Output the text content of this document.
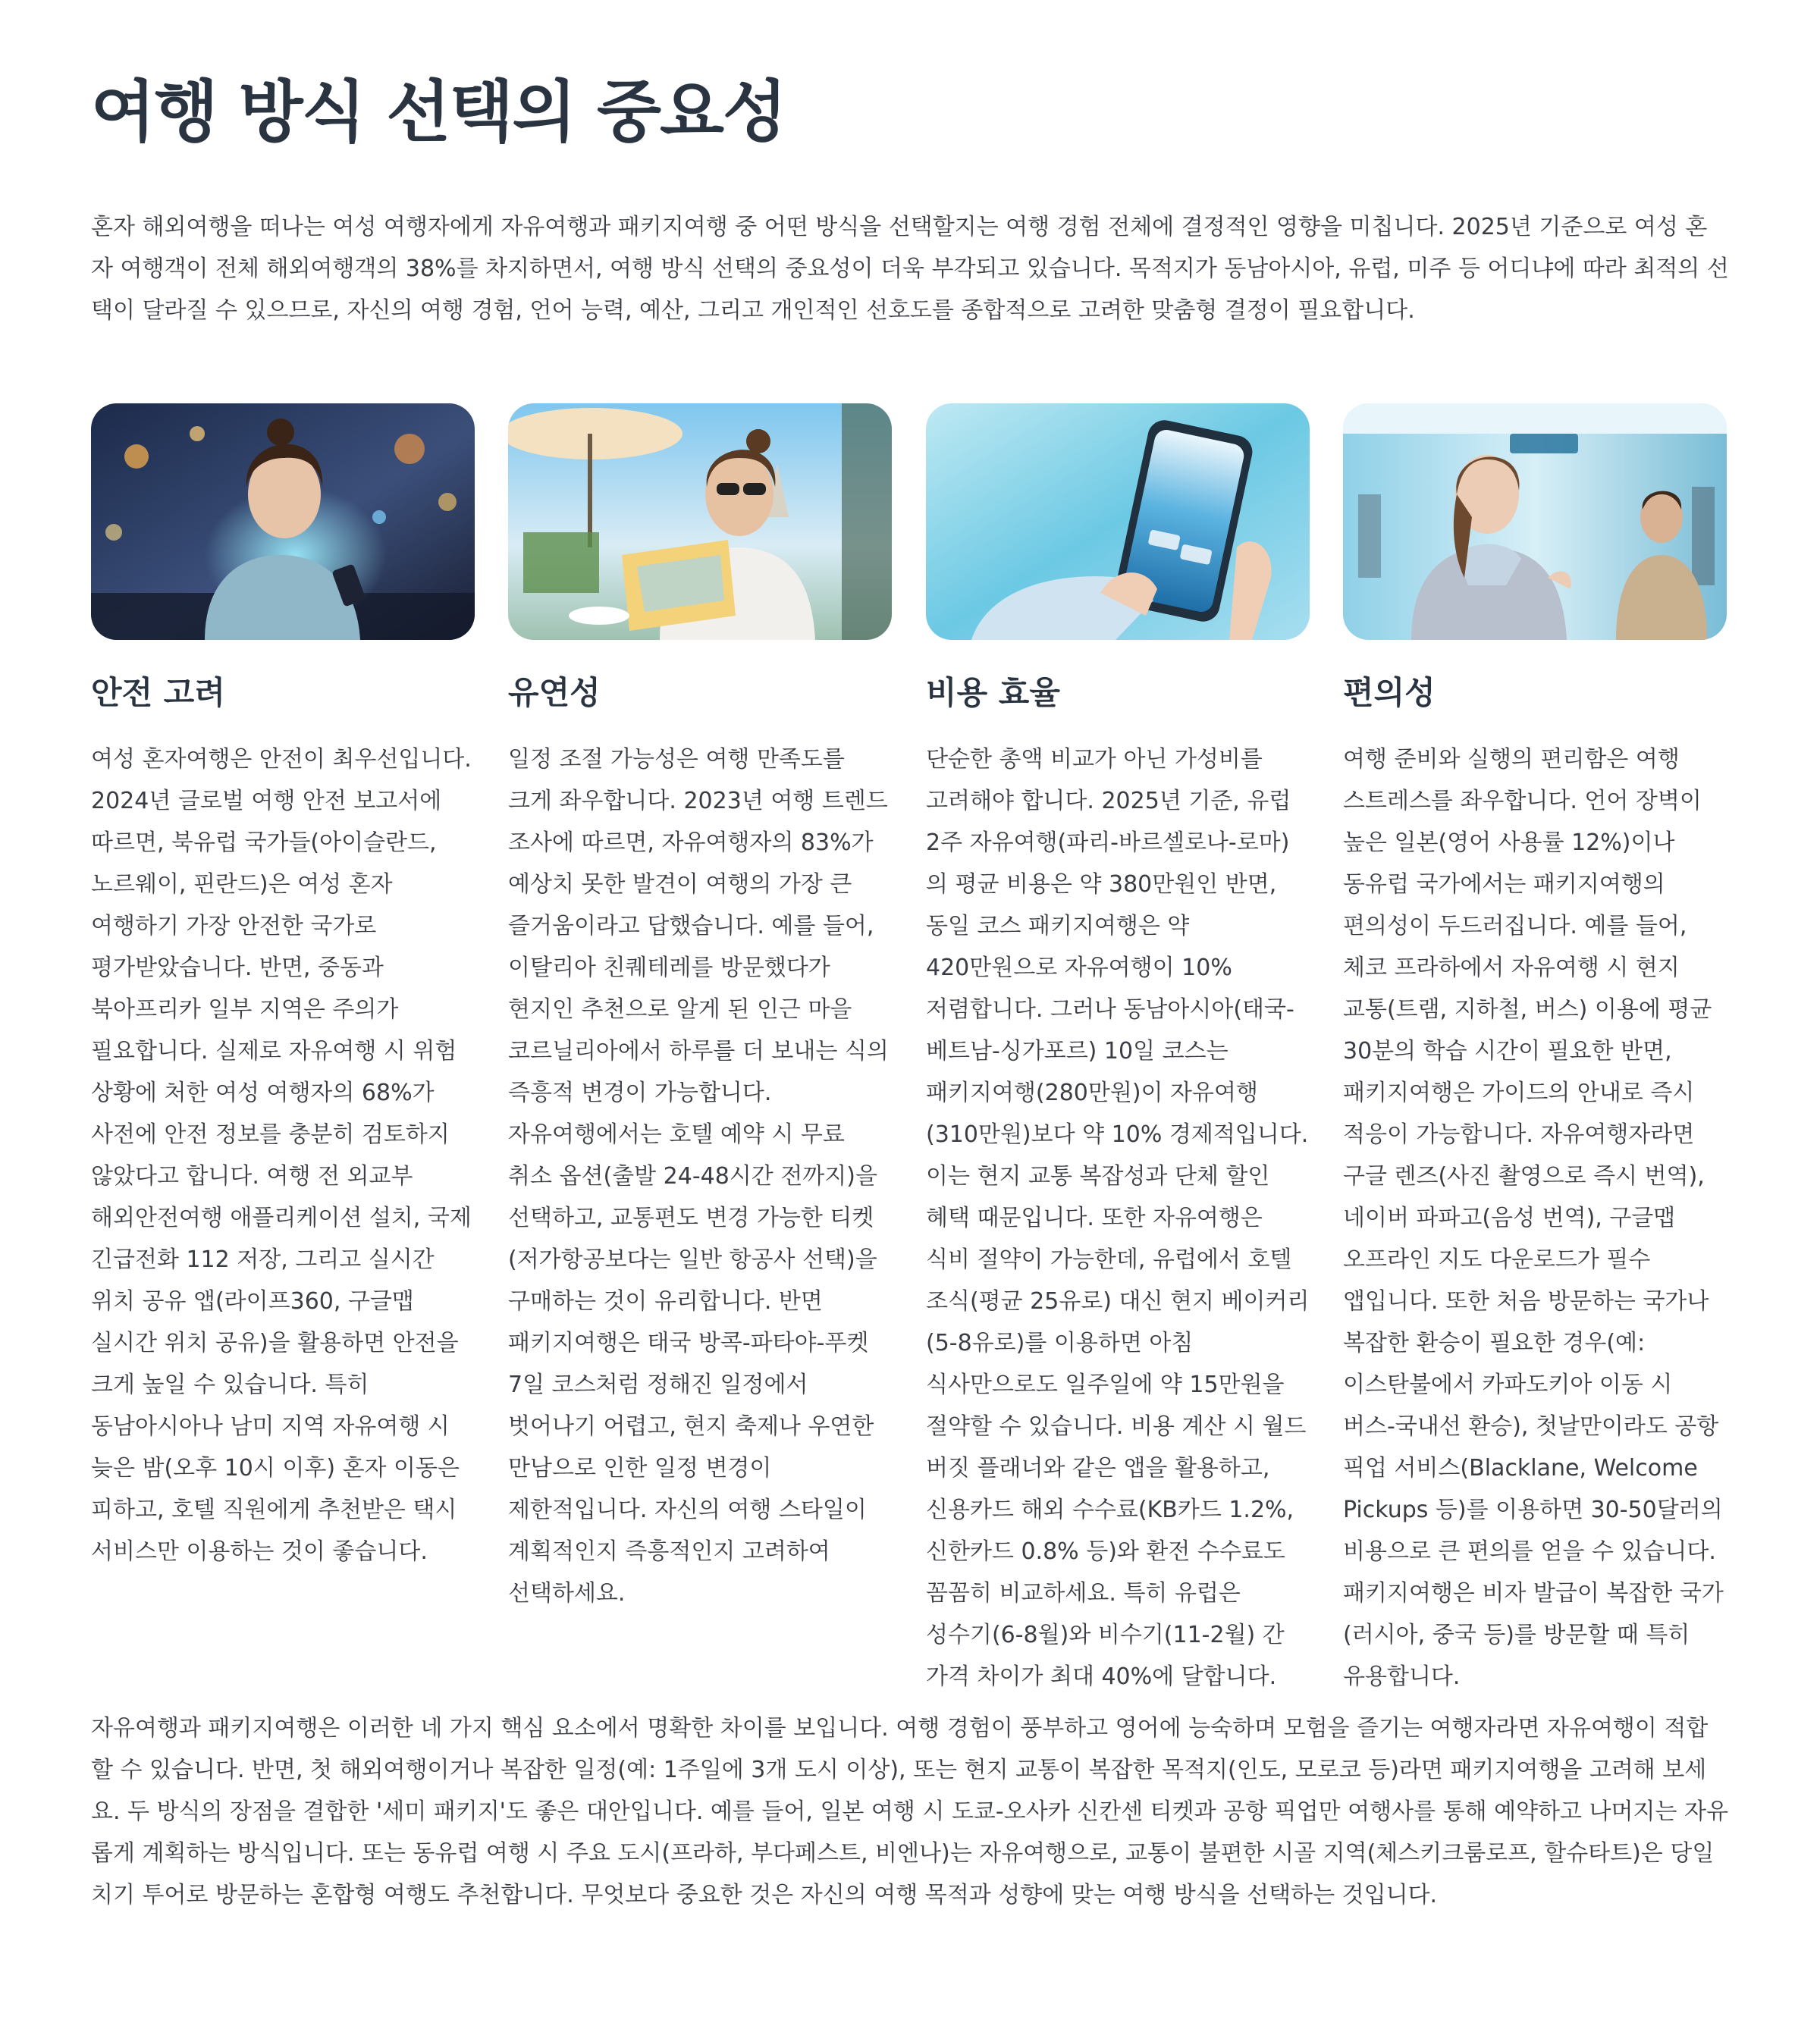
여행 방식 선택의 중요성

혼자 해외여행을 떠나는 여성 여행자에게 자유여행과 패키지여행 중 어떤 방식을 선택할지는 여행 경험 전체에 결정적인 영향을 미칩니다. 2025년 기준으로 여성 혼자 여행객이 전체 해외여행객의 38%를 차지하면서, 여행 방식 선택의 중요성이 더욱 부각되고 있습니다. 목적지가 동남아시아, 유럽, 미주 등 어디냐에 따라 최적의 선택이 달라질 수 있으므로, 자신의 여행 경험, 언어 능력, 예산, 그리고 개인적인 선호도를 종합적으로 고려한 맞춤형 결정이 필요합니다.

안전 고려

여성 혼자여행은 안전이 최우선입니다. 2024년 글로벌 여행 안전 보고서에 따르면, 북유럽 국가들(아이슬란드, 노르웨이, 핀란드)은 여성 혼자 여행하기 가장 안전한 국가로 평가받았습니다. 반면, 중동과 북아프리카 일부 지역은 주의가 필요합니다. 실제로 자유여행 시 위험 상황에 처한 여성 여행자의 68%가 사전에 안전 정보를 충분히 검토하지 않았다고 합니다. 여행 전 외교부 해외안전여행 애플리케이션 설치, 국제 긴급전화 112 저장, 그리고 실시간 위치 공유 앱(라이프360, 구글맵 실시간 위치 공유)을 활용하면 안전을 크게 높일 수 있습니다. 특히 동남아시아나 남미 지역 자유여행 시 늦은 밤(오후 10시 이후) 혼자 이동은 피하고, 호텔 직원에게 추천받은 택시 서비스만 이용하는 것이 좋습니다.

유연성

일정 조절 가능성은 여행 만족도를 크게 좌우합니다. 2023년 여행 트렌드 조사에 따르면, 자유여행자의 83%가 예상치 못한 발견이 여행의 가장 큰 즐거움이라고 답했습니다. 예를 들어, 이탈리아 친퀘테레를 방문했다가 현지인 추천으로 알게 된 인근 마을 코르닐리아에서 하루를 더 보내는 식의 즉흥적 변경이 가능합니다. 자유여행에서는 호텔 예약 시 무료 취소 옵션(출발 24-48시간 전까지)을 선택하고, 교통편도 변경 가능한 티켓(저가항공보다는 일반 항공사 선택)을 구매하는 것이 유리합니다. 반면 패키지여행은 태국 방콕-파타야-푸켓 7일 코스처럼 정해진 일정에서 벗어나기 어렵고, 현지 축제나 우연한 만남으로 인한 일정 변경이 제한적입니다. 자신의 여행 스타일이 계획적인지 즉흥적인지 고려하여 선택하세요.

비용 효율

단순한 총액 비교가 아닌 가성비를 고려해야 합니다. 2025년 기준, 유럽 2주 자유여행(파리-바르셀로나-로마)의 평균 비용은 약 380만원인 반면, 동일 코스 패키지여행은 약 420만원으로 자유여행이 10% 저렴합니다. 그러나 동남아시아(태국-베트남-싱가포르) 10일 코스는 패키지여행(280만원)이 자유여행(310만원)보다 약 10% 경제적입니다. 이는 현지 교통 복잡성과 단체 할인 혜택 때문입니다. 또한 자유여행은 식비 절약이 가능한데, 유럽에서 호텔 조식(평균 25유로) 대신 현지 베이커리(5-8유로)를 이용하면 아침 식사만으로도 일주일에 약 15만원을 절약할 수 있습니다. 비용 계산 시 월드 버짓 플래너와 같은 앱을 활용하고, 신용카드 해외 수수료(KB카드 1.2%, 신한카드 0.8% 등)와 환전 수수료도 꼼꼼히 비교하세요. 특히 유럽은 성수기(6-8월)와 비수기(11-2월) 간 가격 차이가 최대 40%에 달합니다.

편의성

여행 준비와 실행의 편리함은 여행 스트레스를 좌우합니다. 언어 장벽이 높은 일본(영어 사용률 12%)이나 동유럽 국가에서는 패키지여행의 편의성이 두드러집니다. 예를 들어, 체코 프라하에서 자유여행 시 현지 교통(트램, 지하철, 버스) 이용에 평균 30분의 학습 시간이 필요한 반면, 패키지여행은 가이드의 안내로 즉시 적응이 가능합니다. 자유여행자라면 구글 렌즈(사진 촬영으로 즉시 번역), 네이버 파파고(음성 번역), 구글맵 오프라인 지도 다운로드가 필수 앱입니다. 또한 처음 방문하는 국가나 복잡한 환승이 필요한 경우(예: 이스탄불에서 카파도키아 이동 시 버스-국내선 환승), 첫날만이라도 공항 픽업 서비스(Blacklane, Welcome Pickups 등)를 이용하면 30-50달러의 비용으로 큰 편의를 얻을 수 있습니다. 패키지여행은 비자 발급이 복잡한 국가(러시아, 중국 등)를 방문할 때 특히 유용합니다.

자유여행과 패키지여행은 이러한 네 가지 핵심 요소에서 명확한 차이를 보입니다. 여행 경험이 풍부하고 영어에 능숙하며 모험을 즐기는 여행자라면 자유여행이 적합할 수 있습니다. 반면, 첫 해외여행이거나 복잡한 일정(예: 1주일에 3개 도시 이상), 또는 현지 교통이 복잡한 목적지(인도, 모로코 등)라면 패키지여행을 고려해 보세요. 두 방식의 장점을 결합한 '세미 패키지'도 좋은 대안입니다. 예를 들어, 일본 여행 시 도쿄-오사카 신칸센 티켓과 공항 픽업만 여행사를 통해 예약하고 나머지는 자유롭게 계획하는 방식입니다. 또는 동유럽 여행 시 주요 도시(프라하, 부다페스트, 비엔나)는 자유여행으로, 교통이 불편한 시골 지역(체스키크룸로프, 할슈타트)은 당일치기 투어로 방문하는 혼합형 여행도 추천합니다. 무엇보다 중요한 것은 자신의 여행 목적과 성향에 맞는 여행 방식을 선택하는 것입니다.
